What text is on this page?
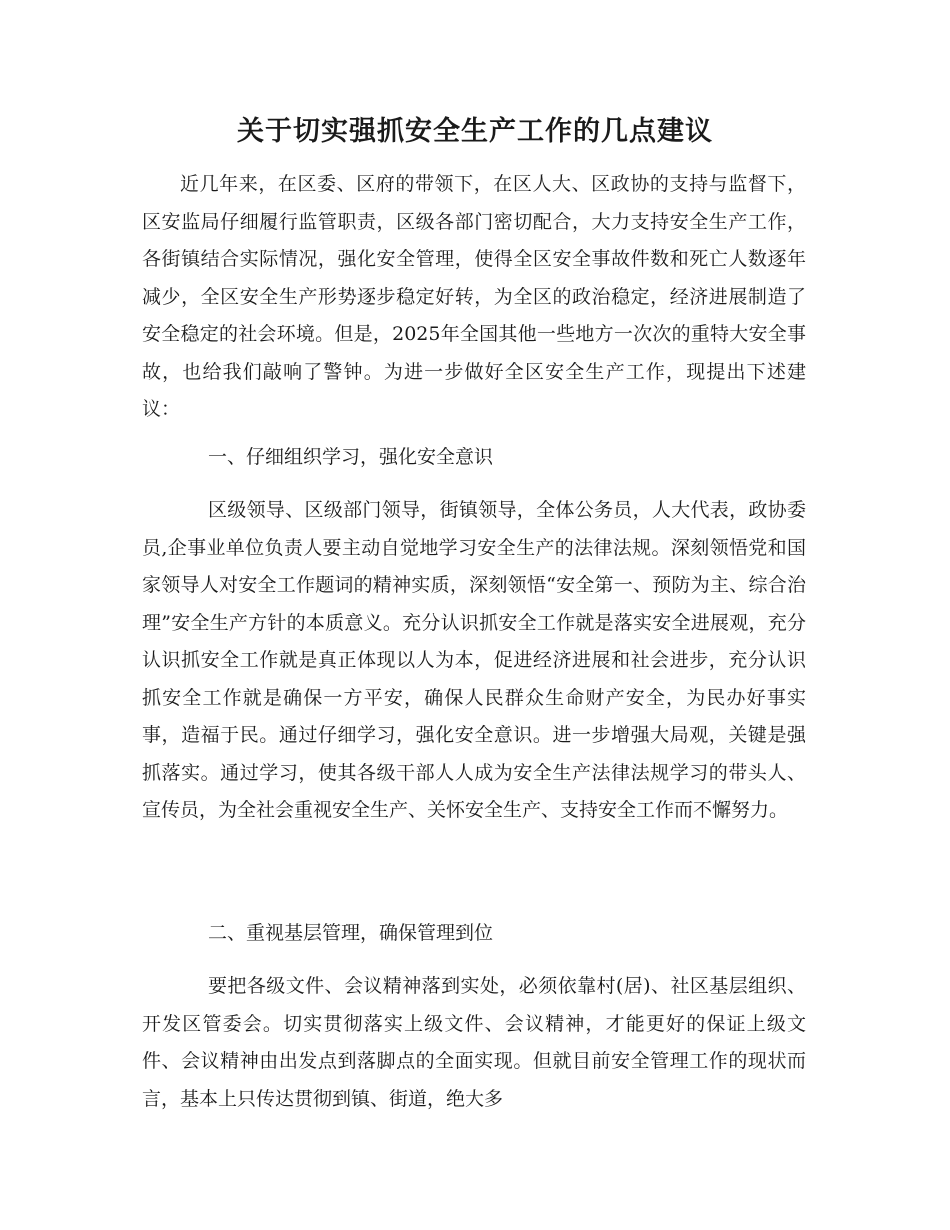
关于切实强抓安全生产工作的几点建议
近几年来，在区委、区府的带领下，在区人大、区政协的支持与监督下，区安监局仔细履行监管职责，区级各部门密切配合，大力支持安全生产工作，各街镇结合实际情况，强化安全管理，使得全区安全事故件数和死亡人数逐年减少，全区安全生产形势逐步稳定好转，为全区的政治稳定，经济进展制造了安全稳定的社会环境。但是，2025年全国其他一些地方一次次的重特大安全事故，也给我们敲响了警钟。为进一步做好全区安全生产工作，现提出下述建议：
一、仔细组织学习，强化安全意识
区级领导、区级部门领导，街镇领导，全体公务员，人大代表，政协委员,企事业单位负责人要主动自觉地学习安全生产的法律法规。深刻领悟党和国家领导人对安全工作题词的精神实质，深刻领悟“安全第一、预防为主、综合治理”安全生产方针的本质意义。充分认识抓安全工作就是落实安全进展观，充分认识抓安全工作就是真正体现以人为本，促进经济进展和社会进步，充分认识抓安全工作就是确保一方平安，确保人民群众生命财产安全，为民办好事实事，造福于民。通过仔细学习，强化安全意识。进一步增强大局观，关键是强抓落实。通过学习，使其各级干部人人成为安全生产法律法规学习的带头人、宣传员，为全社会重视安全生产、关怀安全生产、支持安全工作而不懈努力。
二、重视基层管理，确保管理到位
要把各级文件、会议精神落到实处，必须依靠村(居)、社区基层组织、开发区管委会。切实贯彻落实上级文件、会议精神，才能更好的保证上级文件、会议精神由出发点到落脚点的全面实现。但就目前安全管理工作的现状而言，基本上只传达贯彻到镇、街道，绝大多
